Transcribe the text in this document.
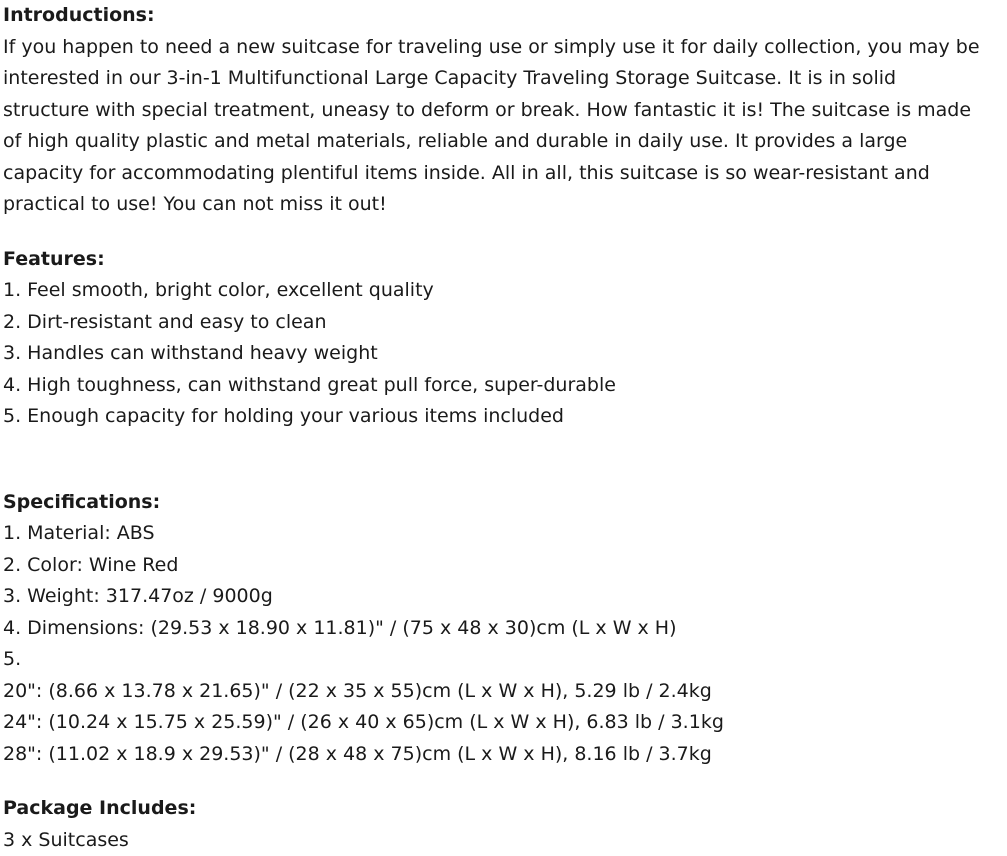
Introductions:

If you happen to need a new suitcase for traveling use or simply use it for daily collection, you may be

interested in our 3-in-1 Multifunctional Large Capacity Traveling Storage Suitcase. It is in solid

structure with special treatment, uneasy to deform or break. How fantastic it is! The suitcase is made

of high quality plastic and metal materials, reliable and durable in daily use. It provides a large

capacity for accommodating plentiful items inside. All in all, this suitcase is so wear-resistant and

practical to use! You can not miss it out!

Features:

1. Feel smooth, bright color, excellent quality

2. Dirt-resistant and easy to clean

3. Handles can withstand heavy weight

4. High toughness, can withstand great pull force, super-durable

5. Enough capacity for holding your various items included

Specifications:

1. Material: ABS

2. Color: Wine Red

3. Weight: 317.47oz / 9000g

4. Dimensions: (29.53 x 18.90 x 11.81)" / (75 x 48 x 30)cm (L x W x H)

5.

20": (8.66 x 13.78 x 21.65)" / (22 x 35 x 55)cm (L x W x H), 5.29 lb / 2.4kg

24": (10.24 x 15.75 x 25.59)" / (26 x 40 x 65)cm (L x W x H), 6.83 lb / 3.1kg

28": (11.02 x 18.9 x 29.53)" / (28 x 48 x 75)cm (L x W x H), 8.16 lb / 3.7kg

Package Includes:

3 x Suitcases
